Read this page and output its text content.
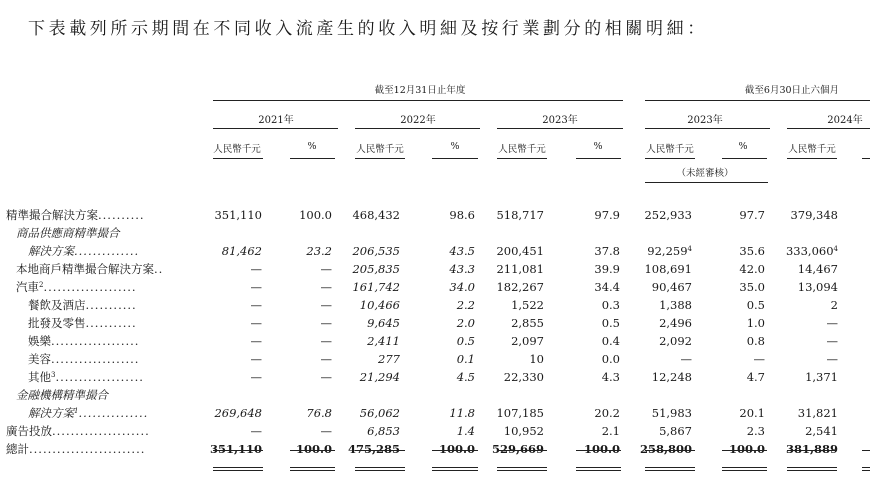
下表載列所示期間在不同收入流產生的收入明細及按行業劃分的相關明細：
截至12月31日止年度	截至6月30日止六個月
2021年	2022年	2023年	2023年	2024年
人民幣千元	%	人民幣千元	%	人民幣千元	%	人民幣千元	%	人民幣千元
（未經審核）
精準撮合解決方案..........	351,110	100.0	468,432	98.6	518,717	97.9	252,933	97.7	379,348
商品供應商精準撮合
解決方案..............	81,462	23.2	206,535	43.5	200,451	37.8	92,259$^4$	35.6	333,060$^4$
本地商戶精準撮合解決方案..	—	—	205,835	43.3	211,081	39.9	108,691	42.0	14,467
汽車$^2$....................	—	—	161,742	34.0	182,267	34.4	90,467	35.0	13,094
餐飲及酒店...........	—	—	10,466	2.2	1,522	0.3	1,388	0.5	2
批發及零售...........	—	—	9,645	2.0	2,855	0.5	2,496	1.0	—
娛樂...................	—	—	2,411	0.5	2,097	0.4	2,092	0.8	—
美容...................	—	—	277	0.1	10	0.0	—	—	—
其他$^3$...................	—	—	21,294	4.5	22,330	4.3	12,248	4.7	1,371
金融機構精準撮合
解決方案$^1$...............	269,648	76.8	56,062	11.8	107,185	20.2	51,983	20.1	31,821
廣告投放.....................	—	—	6,853	1.4	10,952	2.1	5,867	2.3	2,541
總計.........................	351,110	100.0	475,285	100.0	529,669	100.0	258,800	100.0	381,889
